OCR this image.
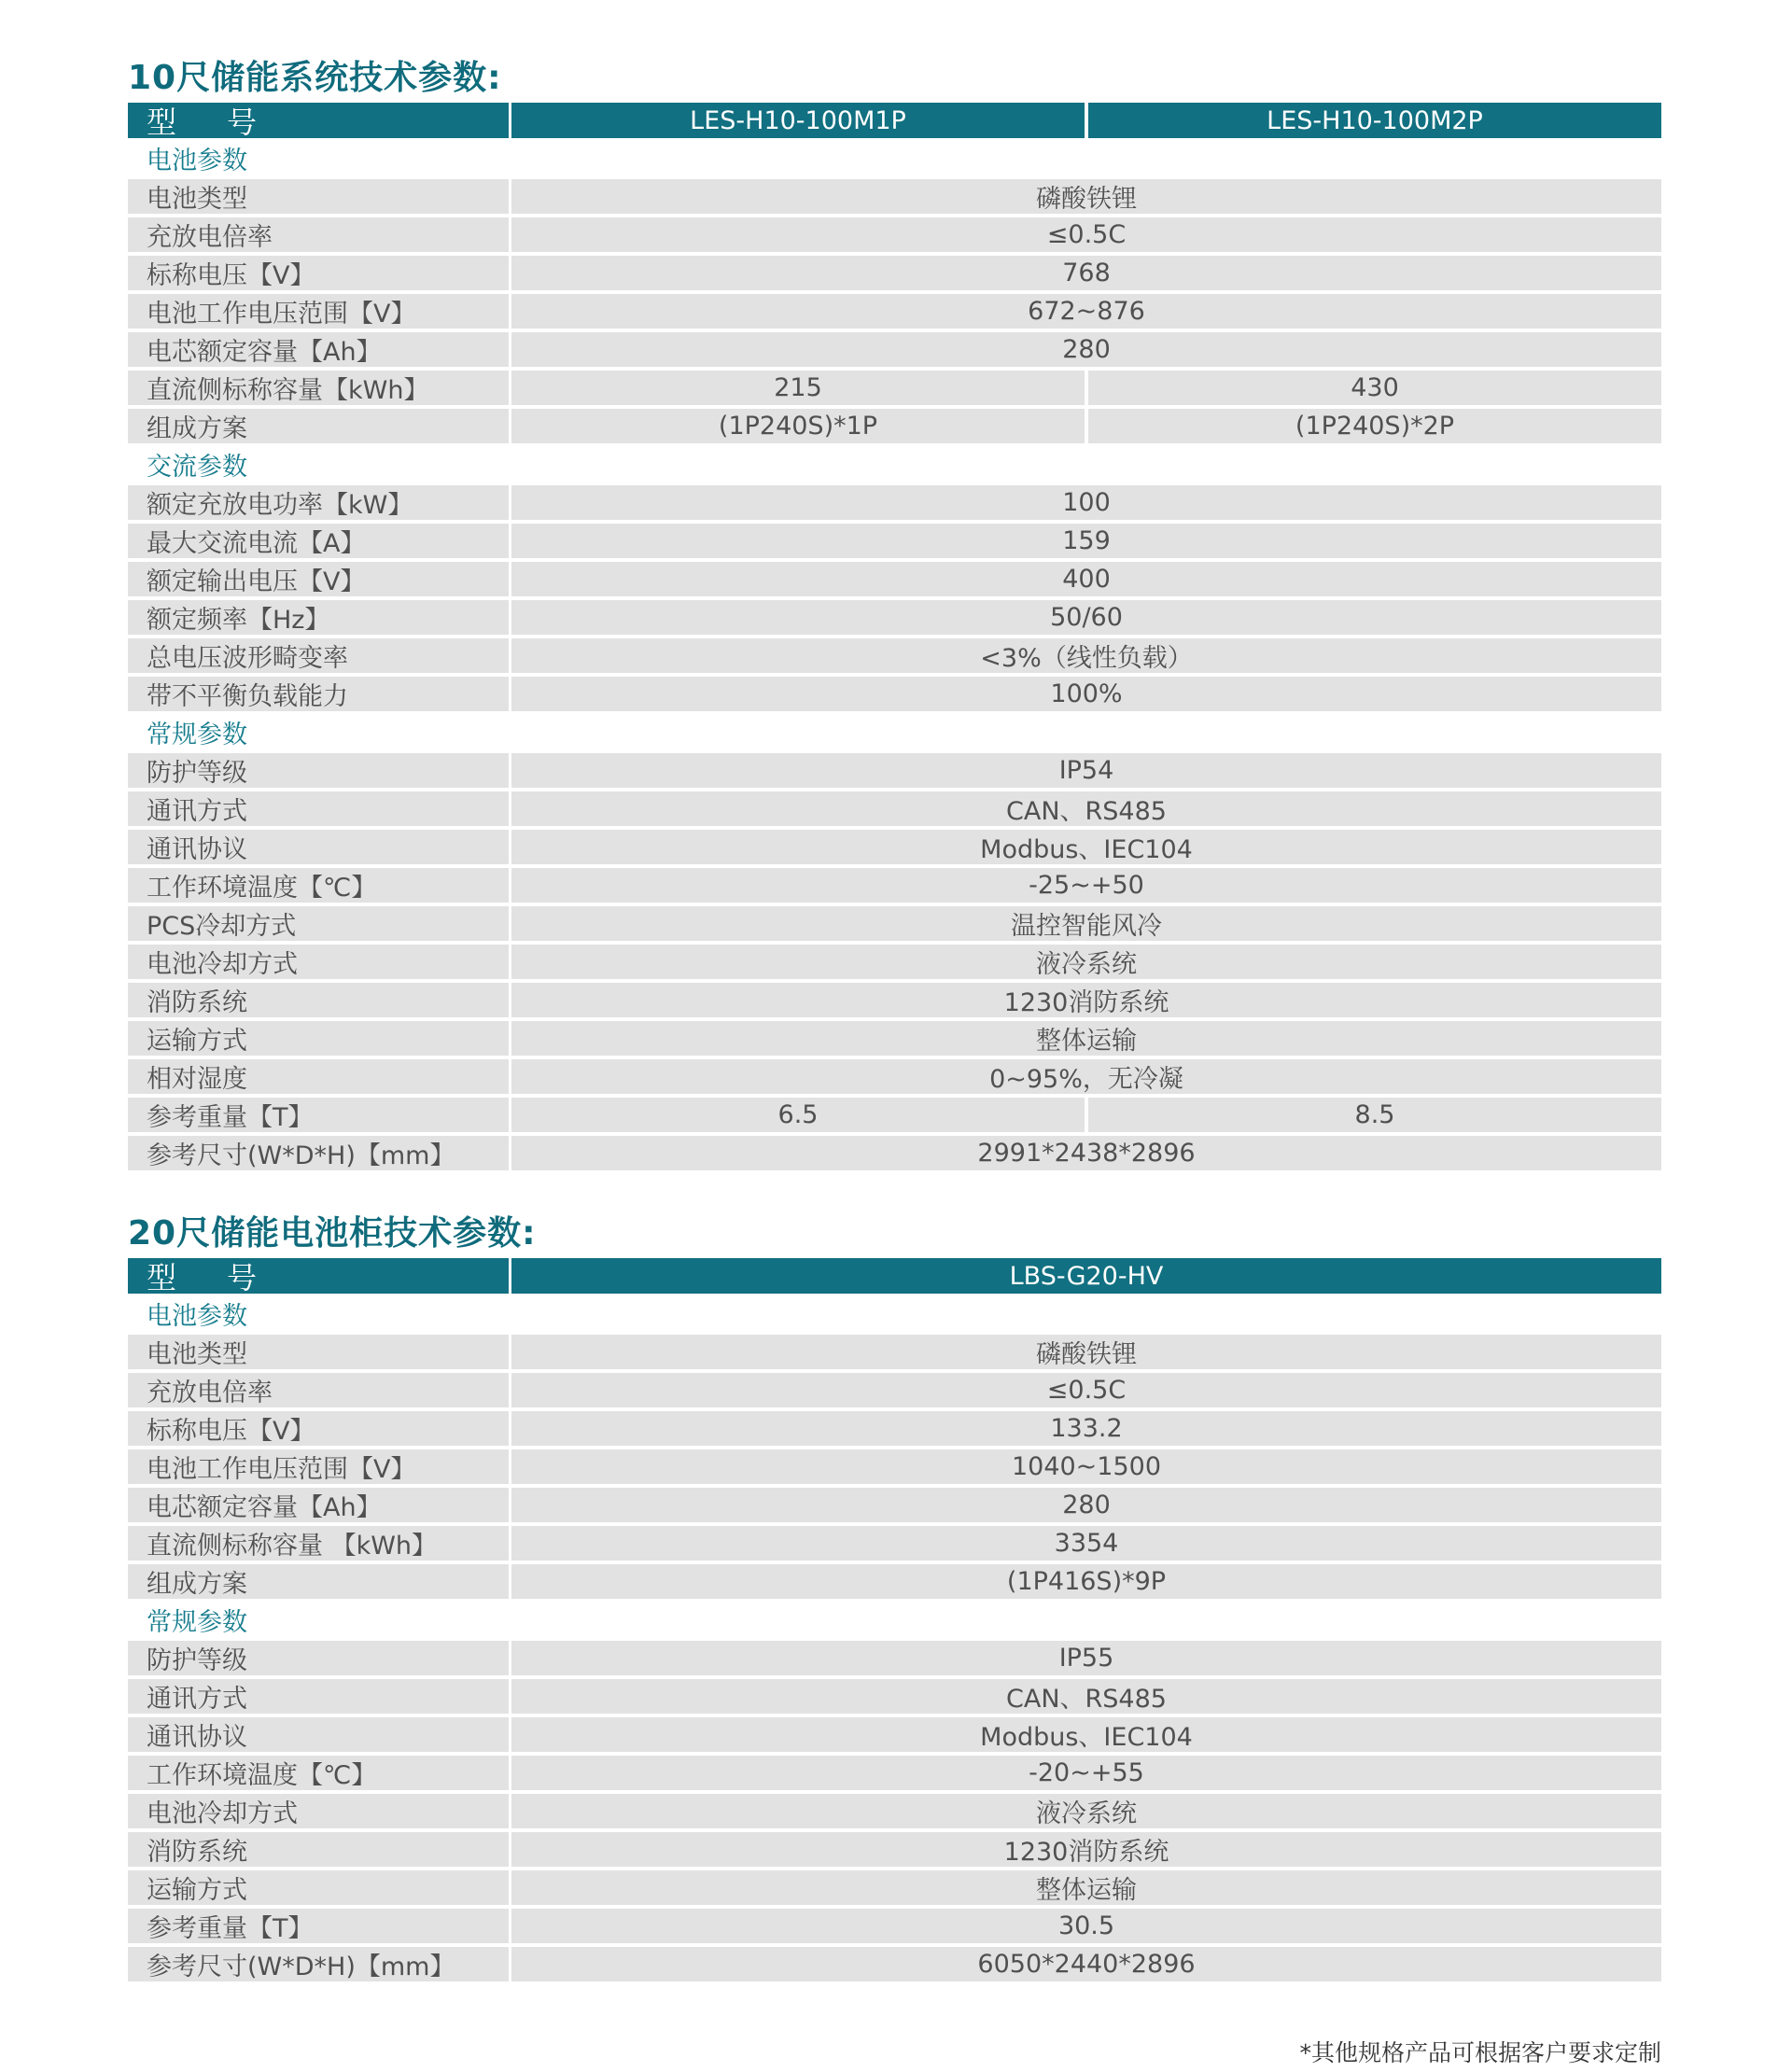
10尺储能系统技术参数:
型 号	LES-H10-100M1P	LES-H10-100M2P
电池参数
电池类型	磷酸铁锂
充放电倍率	≤0.5C
标称电压【V】	768
电池工作电压范围【V】	672~876
电芯额定容量【Ah】	280
直流侧标称容量【kWh】	215	430
组成方案	(1P240S)*1P	(1P240S)*2P
交流参数
额定充放电功率【kW】	100
最大交流电流【A】	159
额定输出电压【V】	400
额定频率【Hz】	50/60
总电压波形畸变率	<3%（线性负载）
带不平衡负载能力	100%
常规参数
防护等级	IP54
通讯方式	CAN、RS485
通讯协议	Modbus、IEC104
工作环境温度【℃】	-25~+50
PCS冷却方式	温控智能风冷
电池冷却方式	液冷系统
消防系统	1230消防系统
运输方式	整体运输
相对湿度	0~95%，无冷凝
参考重量【T】	6.5	8.5
参考尺寸(W*D*H)【mm】	2991*2438*2896
20尺储能电池柜技术参数:
型 号	LBS-G20-HV
电池参数
电池类型	磷酸铁锂
充放电倍率	≤0.5C
标称电压【V】	133.2
电池工作电压范围【V】	1040~1500
电芯额定容量【Ah】	280
直流侧标称容量 【kWh】	3354
组成方案	(1P416S)*9P
常规参数
防护等级	IP55
通讯方式	CAN、RS485
通讯协议	Modbus、IEC104
工作环境温度【℃】	-20~+55
电池冷却方式	液冷系统
消防系统	1230消防系统
运输方式	整体运输
参考重量【T】	30.5
参考尺寸(W*D*H)【mm】	6050*2440*2896
*其他规格产品可根据客户要求定制
